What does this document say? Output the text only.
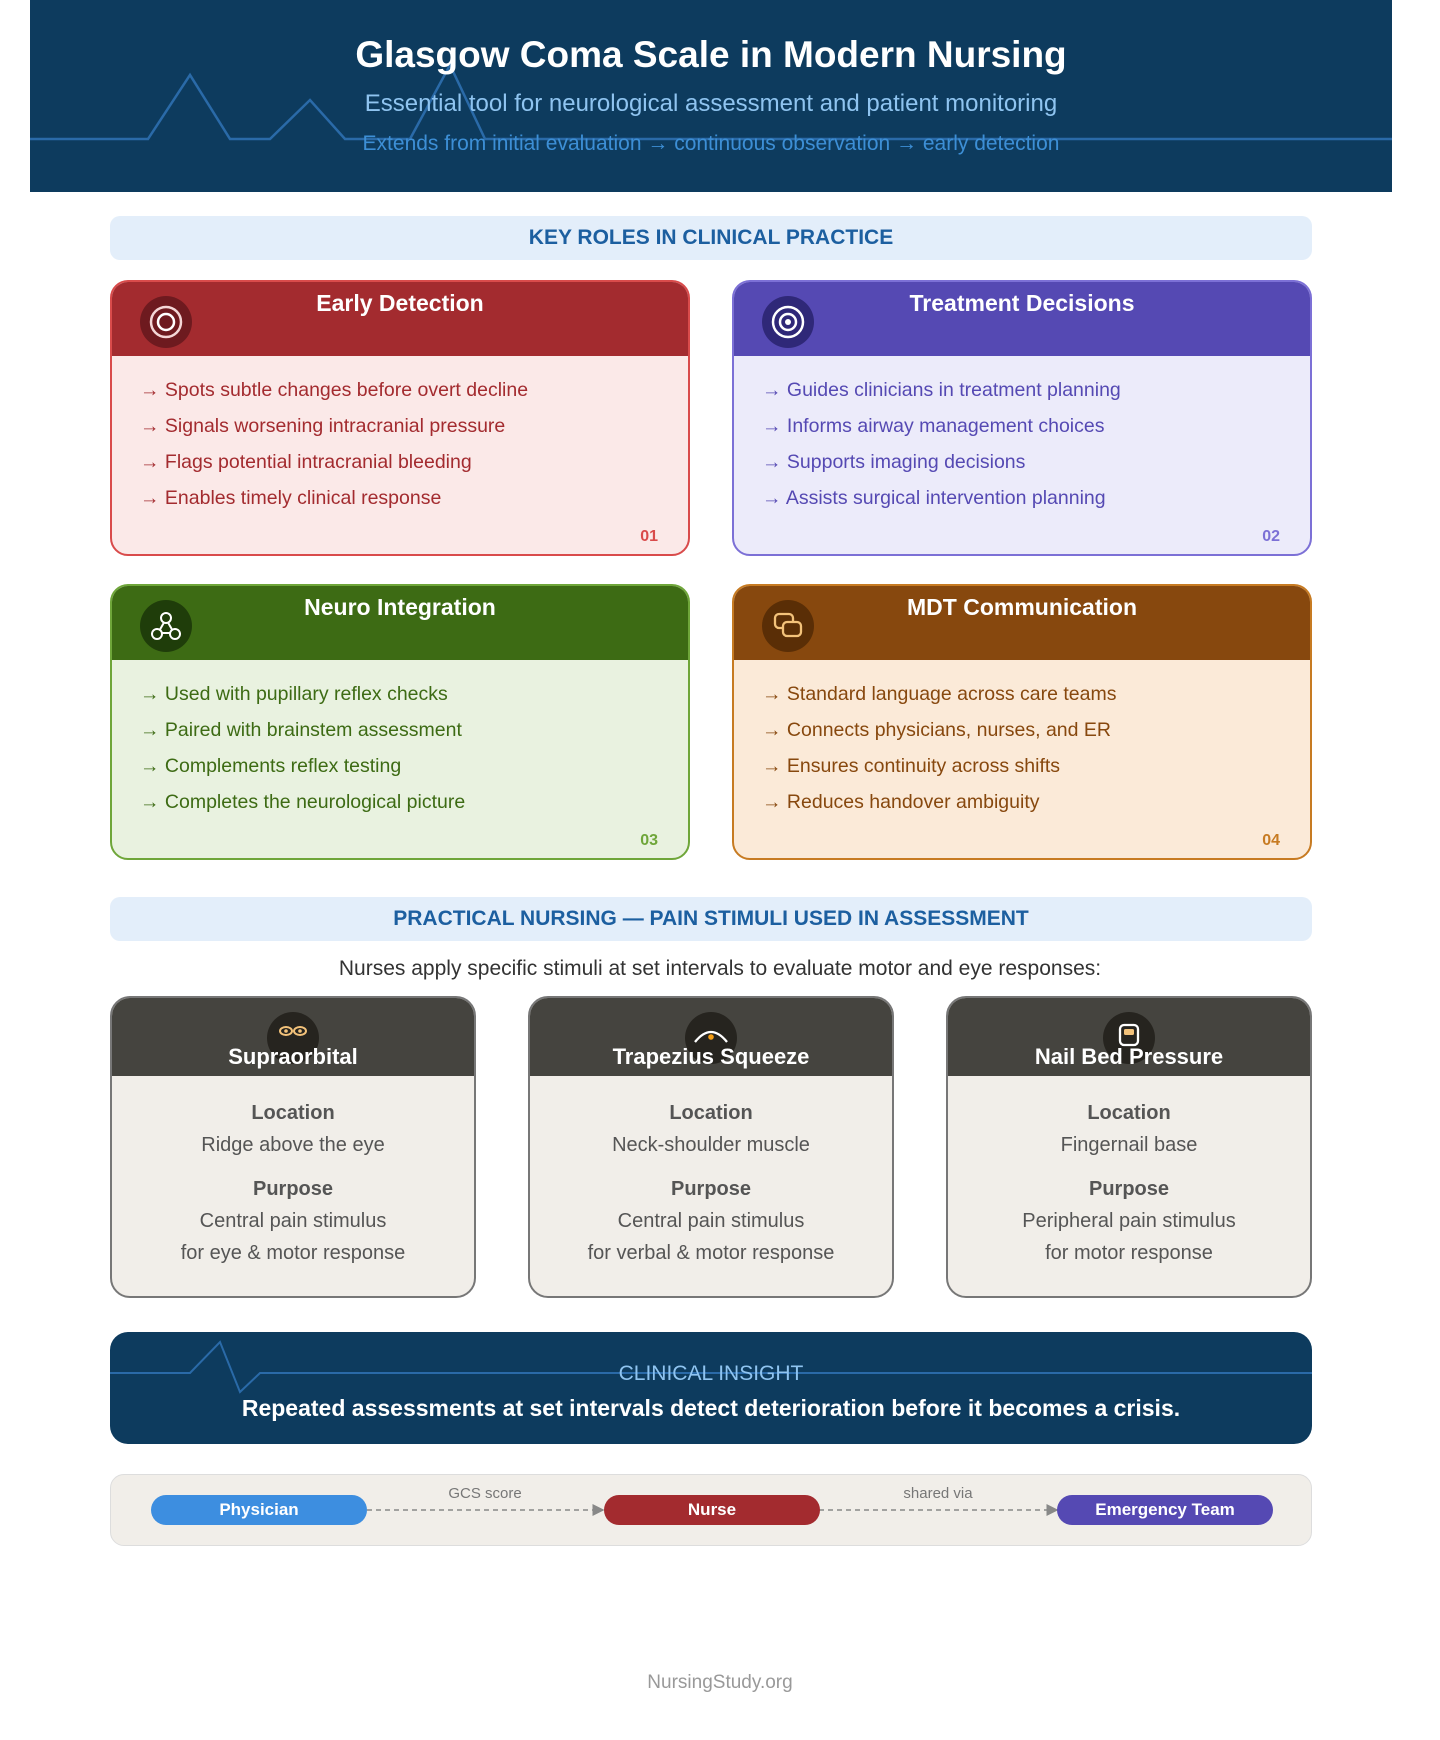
Glasgow Coma Scale in Modern Nursing
Essential tool for neurological assessment and patient monitoring
Extends from initial evaluation → continuous observation → early detection
KEY ROLES IN CLINICAL PRACTICE
Early Detection
→ Spots subtle changes before overt decline
→ Signals worsening intracranial pressure
→ Flags potential intracranial bleeding
→ Enables timely clinical response
01
Treatment Decisions
→ Guides clinicians in treatment planning
→ Informs airway management choices
→ Supports imaging decisions
→ Assists surgical intervention planning
02
Neuro Integration
→ Used with pupillary reflex checks
→ Paired with brainstem assessment
→ Complements reflex testing
→ Completes the neurological picture
03
MDT Communication
→ Standard language across care teams
→ Connects physicians, nurses, and ER
→ Ensures continuity across shifts
→ Reduces handover ambiguity
04
PRACTICAL NURSING — PAIN STIMULI USED IN ASSESSMENT
Nurses apply specific stimuli at set intervals to evaluate motor and eye responses:
Supraorbital
Location
Ridge above the eye
Purpose
Central pain stimulus
for eye & motor response
Trapezius Squeeze
Location
Neck-shoulder muscle
Purpose
Central pain stimulus
for verbal & motor response
Nail Bed Pressure
Location
Fingernail base
Purpose
Peripheral pain stimulus
for motor response
CLINICAL INSIGHT
Repeated assessments at set intervals detect deterioration before it becomes a crisis.
Physician
GCS score
Nurse
shared via
Emergency Team
NursingStudy.org
